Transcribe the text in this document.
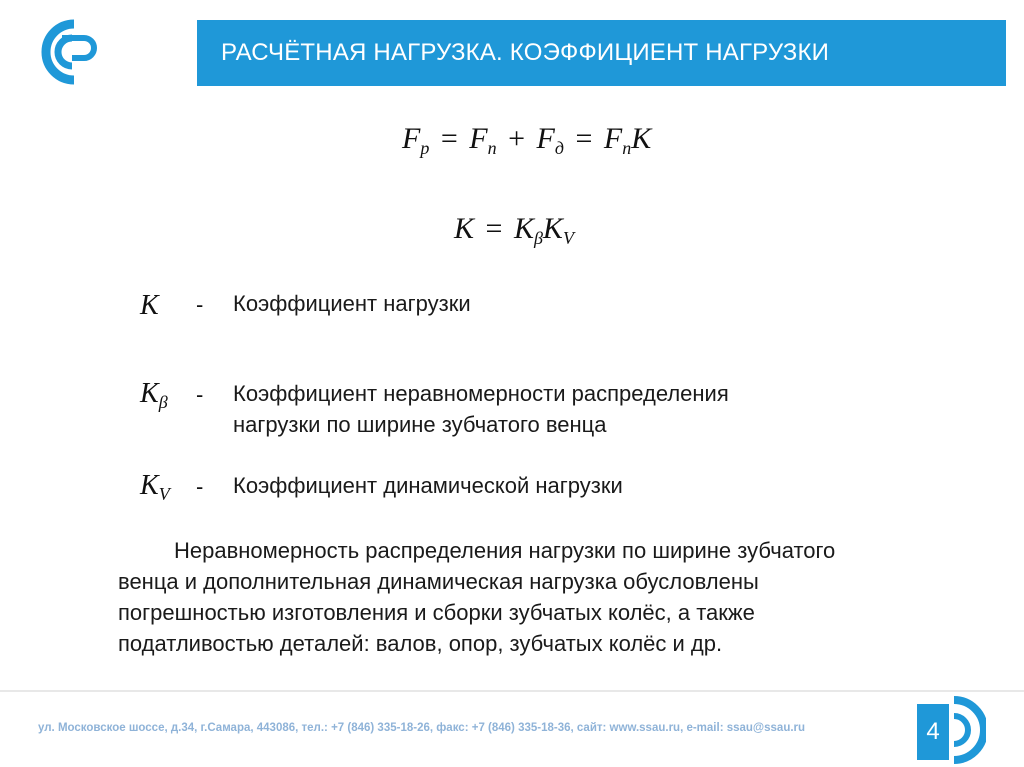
РАСЧЁТНАЯ НАГРУЗКА. КОЭФФИЦИЕНТ НАГРУЗКИ
$F_p = F_n + F_д = F_nK$
$K = K_\beta K_V$
K - Коэффициент нагрузки
$K_\beta$ - Коэффициент неравномерности распределения
нагрузки по ширине зубчатого венца
$K_V$ - Коэффициент динамической нагрузки
Неравномерность распределения нагрузки по ширине зубчатого
венца и дополнительная динамическая нагрузка обусловлены
погрешностью изготовления и сборки зубчатых колёс, а также
податливостью деталей: валов, опор, зубчатых колёс и др.
ул. Московское шоссе, д.34, г.Самара, 443086, тел.: +7 (846) 335-18-26, факс: +7 (846) 335-18-36, сайт: www.ssau.ru, e-mail: ssau@ssau.ru	4
